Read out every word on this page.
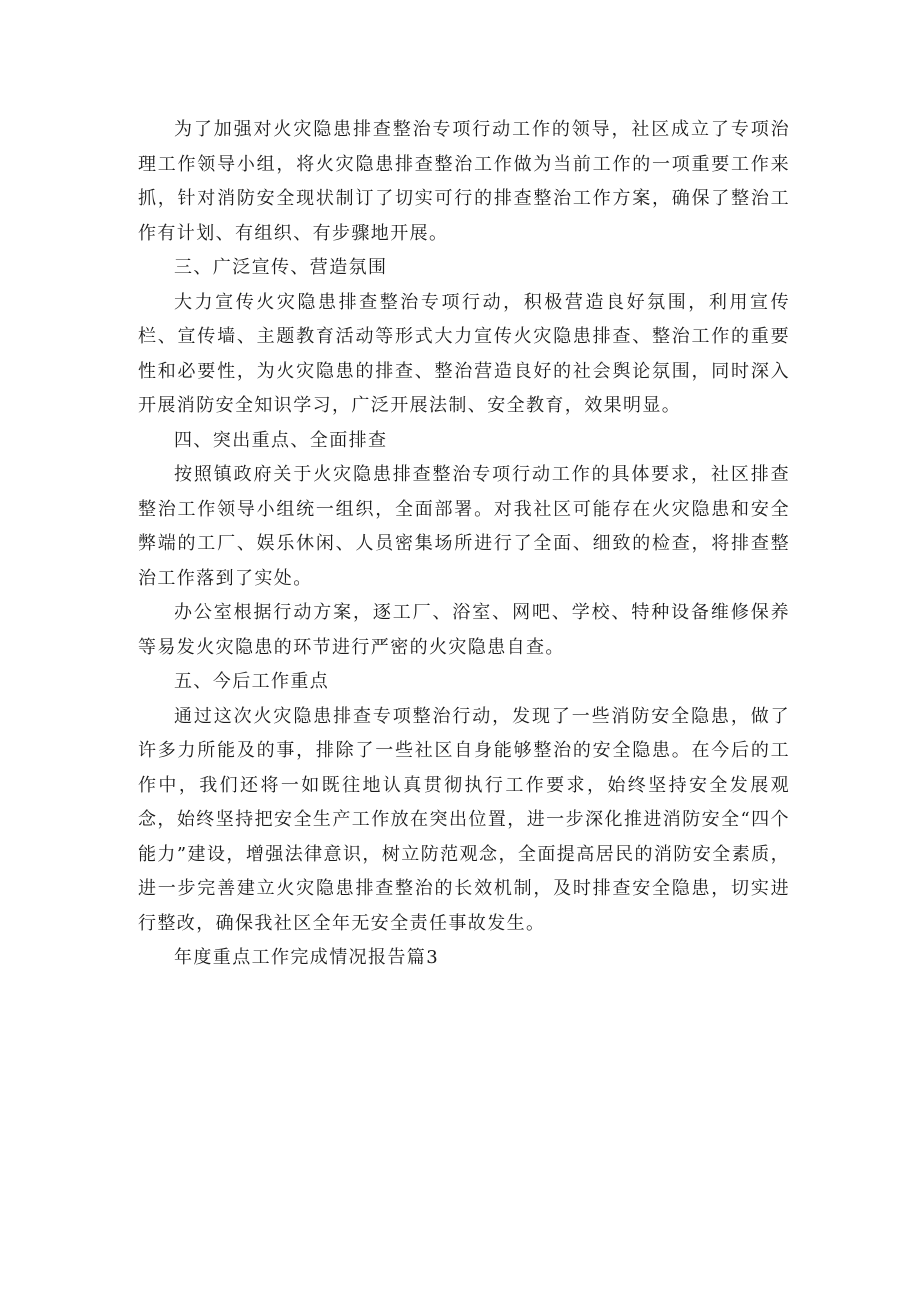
为了加强对火灾隐患排查整治专项行动工作的领导，社区成立了专项治理工作领导小组，将火灾隐患排查整治工作做为当前工作的一项重要工作来抓，针对消防安全现状制订了切实可行的排查整治工作方案，确保了整治工作有计划、有组织、有步骤地开展。

三、广泛宣传、营造氛围

大力宣传火灾隐患排查整治专项行动，积极营造良好氛围，利用宣传栏、宣传墙、主题教育活动等形式大力宣传火灾隐患排查、整治工作的重要性和必要性，为火灾隐患的排查、整治营造良好的社会舆论氛围，同时深入开展消防安全知识学习，广泛开展法制、安全教育，效果明显。

四、突出重点、全面排查

按照镇政府关于火灾隐患排查整治专项行动工作的具体要求，社区排查整治工作领导小组统一组织，全面部署。对我社区可能存在火灾隐患和安全弊端的工厂、娱乐休闲、人员密集场所进行了全面、细致的检查，将排查整治工作落到了实处。

办公室根据行动方案，逐工厂、浴室、网吧、学校、特种设备维修保养等易发火灾隐患的环节进行严密的火灾隐患自查。

五、今后工作重点

通过这次火灾隐患排查专项整治行动，发现了一些消防安全隐患，做了许多力所能及的事，排除了一些社区自身能够整治的安全隐患。在今后的工作中，我们还将一如既往地认真贯彻执行工作要求，始终坚持安全发展观念，始终坚持把安全生产工作放在突出位置，进一步深化推进消防安全“四个能力”建设，增强法律意识，树立防范观念，全面提高居民的消防安全素质，进一步完善建立火灾隐患排查整治的长效机制，及时排查安全隐患，切实进行整改，确保我社区全年无安全责任事故发生。

年度重点工作完成情况报告篇3
